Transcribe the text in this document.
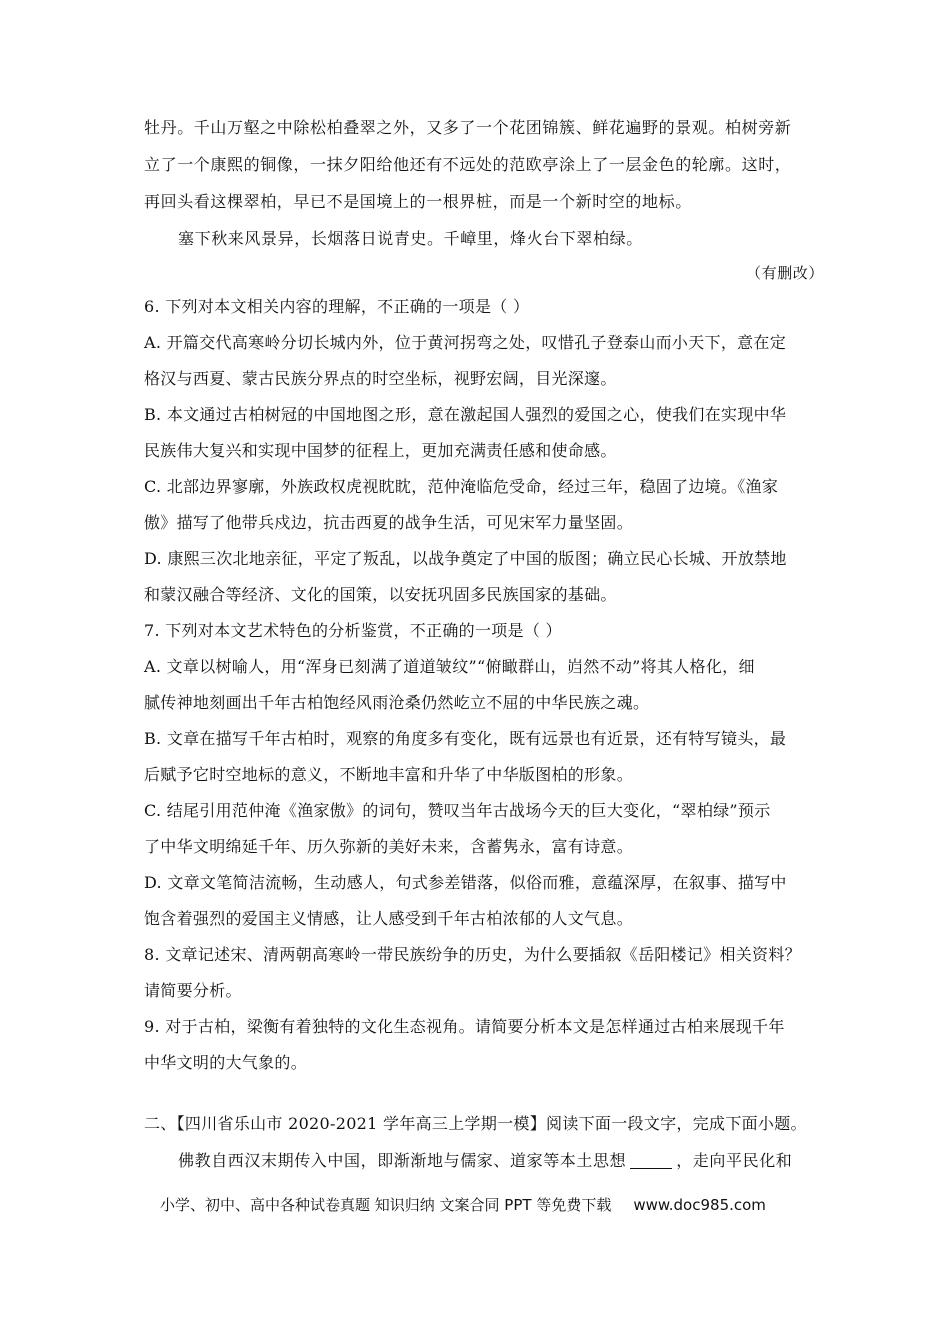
牡丹。千山万壑之中除松柏叠翠之外，又多了一个花团锦簇、鲜花遍野的景观。柏树旁新
立了一个康熙的铜像，一抹夕阳给他还有不远处的范欧亭涂上了一层金色的轮廓。这时，
再回头看这棵翠柏，早已不是国境上的一根界桩，而是一个新时空的地标。
塞下秋来风景异，长烟落日说青史。千嶂里，烽火台下翠柏绿。
（有删改）
6. 下列对本文相关内容的理解，不正确的一项是（ ）
A. 开篇交代高寒岭分切长城内外，位于黄河拐弯之处，叹惜孔子登泰山而小天下，意在定
格汉与西夏、蒙古民族分界点的时空坐标，视野宏阔，目光深邃。
B. 本文通过古柏树冠的中国地图之形，意在激起国人强烈的爱国之心，使我们在实现中华
民族伟大复兴和实现中国梦的征程上，更加充满责任感和使命感。
C. 北部边界寥廓，外族政权虎视眈眈，范仲淹临危受命，经过三年，稳固了边境。《渔家
傲》描写了他带兵戍边，抗击西夏的战争生活，可见宋军力量坚固。
D. 康熙三次北地亲征，平定了叛乱，以战争奠定了中国的版图；确立民心长城、开放禁地
和蒙汉融合等经济、文化的国策，以安抚巩固多民族国家的基础。
7. 下列对本文艺术特色的分析鉴赏，不正确的一项是（ ）
A. 文章以树喻人，用“浑身已刻满了道道皱纹”“俯瞰群山，岿然不动”将其人格化，细
腻传神地刻画出千年古柏饱经风雨沧桑仍然屹立不屈的中华民族之魂。
B. 文章在描写千年古柏时，观察的角度多有变化，既有远景也有近景，还有特写镜头，最
后赋予它时空地标的意义，不断地丰富和升华了中华版图柏的形象。
C. 结尾引用范仲淹《渔家傲》的词句，赞叹当年古战场今天的巨大变化，“翠柏绿”预示
了中华文明绵延千年、历久弥新的美好未来，含蓄隽永，富有诗意。
D. 文章文笔简洁流畅，生动感人，句式参差错落，似俗而雅，意蕴深厚，在叙事、描写中
饱含着强烈的爱国主义情感，让人感受到千年古柏浓郁的人文气息。
8. 文章记述宋、清两朝高寒岭一带民族纷争的历史，为什么要插叙《岳阳楼记》相关资料？
请简要分析。
9. 对于古柏，梁衡有着独特的文化生态视角。请简要分析本文是怎样通过古柏来展现千年
中华文明的大气象的。
二、【四川省乐山市 2020-2021 学年高三上学期一模】阅读下面一段文字，完成下面小题。
佛教自西汉末期传入中国，即渐渐地与儒家、道家等本土思想	，走向平民化和
小学、初中、高中各种试卷真题 知识归纳 文案合同 PPT 等免费下载 www.doc985.com
